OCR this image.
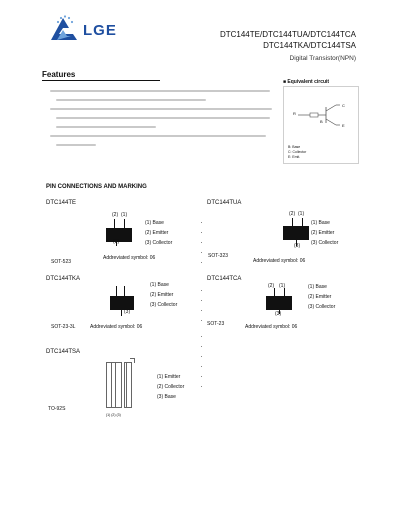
LGE	DTC144TE/DTC144TUA/DTC144TCA
DTC144TKA/DTC144TSA
Digital Transistor(NPN)
Features
■ Equivalent circuit
R
C
B
E
B: Base
C: Collector
E: Emit.
PIN CONNECTIONS AND MARKING
DTC144TE
(2) (1)
(3)
(1) Base
(2) Emitter
(3) Collector
SOT-523
Addreviated symbol: 06
DTC144TUA
(2) (1)
(3)
(1) Base
(2) Emitter
(3) Collector
SOT-323
Addreviated symbol: 06
DTC144TKA
(3)
(1) Base
(2) Emitter
(3) Collector
SOT-23-3L	Addreviated symbol: 06
DTC144TCA
(2) (1)
(3)
(1) Base
(2) Emitter
(3) Collector
SOT-23	Addreviated symbol: 06
DTC144TSA
(1) (2) (3)
(1) Emitter
(2) Collector
(3) Base
TO-92S
